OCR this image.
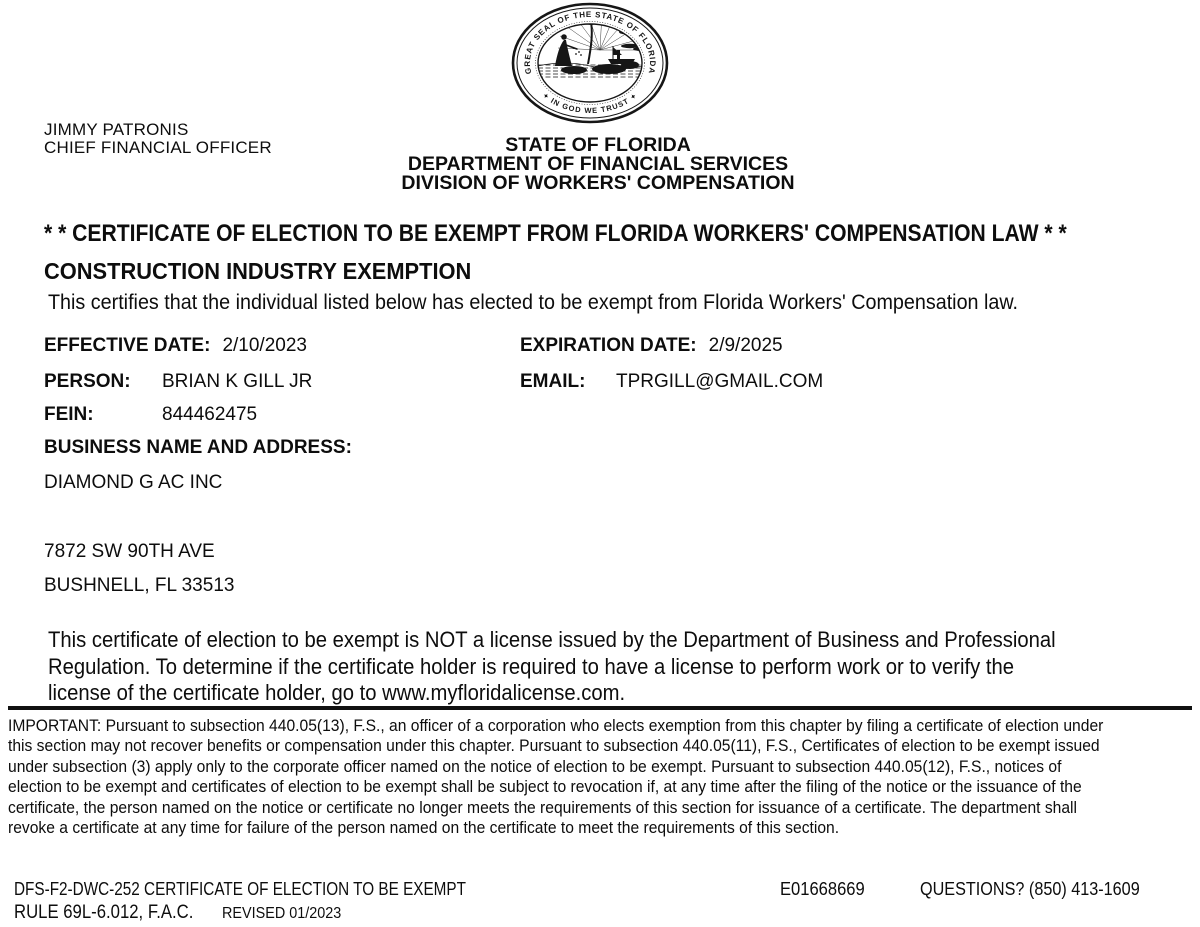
GREAT SEAL OF THE STATE OF FLORIDA
✦ IN GOD WE TRUST ✦
JIMMY PATRONIS
CHIEF FINANCIAL OFFICER	STATE OF FLORIDA
DEPARTMENT OF FINANCIAL SERVICES
DIVISION OF WORKERS' COMPENSATION
* * CERTIFICATE OF ELECTION TO BE EXEMPT FROM FLORIDA WORKERS' COMPENSATION LAW * *
CONSTRUCTION INDUSTRY EXEMPTION
This certifies that the individual listed below has elected to be exempt from Florida Workers' Compensation law.
EFFECTIVE DATE: 2/10/2023	EXPIRATION DATE: 2/9/2025
PERSON: BRIAN K GILL JR	EMAIL: TPRGILL@GMAIL.COM
FEIN:	844462475
BUSINESS NAME AND ADDRESS:
DIAMOND G AC INC
7872 SW 90TH AVE
BUSHNELL, FL 33513
This certificate of election to be exempt is NOT a license issued by the Department of Business and Professional
Regulation. To determine if the certificate holder is required to have a license to perform work or to verify the
license of the certificate holder, go to www.myfloridalicense.com.
IMPORTANT: Pursuant to subsection 440.05(13), F.S., an officer of a corporation who elects exemption from this chapter by filing a certificate of election under
this section may not recover benefits or compensation under this chapter. Pursuant to subsection 440.05(11), F.S., Certificates of election to be exempt issued
under subsection (3) apply only to the corporate officer named on the notice of election to be exempt. Pursuant to subsection 440.05(12), F.S., notices of
election to be exempt and certificates of election to be exempt shall be subject to revocation if, at any time after the filing of the notice or the issuance of the
certificate, the person named on the notice or certificate no longer meets the requirements of this section for issuance of a certificate. The department shall
revoke a certificate at any time for failure of the person named on the certificate to meet the requirements of this section.
DFS-F2-DWC-252 CERTIFICATE OF ELECTION TO BE EXEMPT	E01668669	QUESTIONS? (850) 413-1609
RULE 69L-6.012, F.A.C. REVISED 01/2023
